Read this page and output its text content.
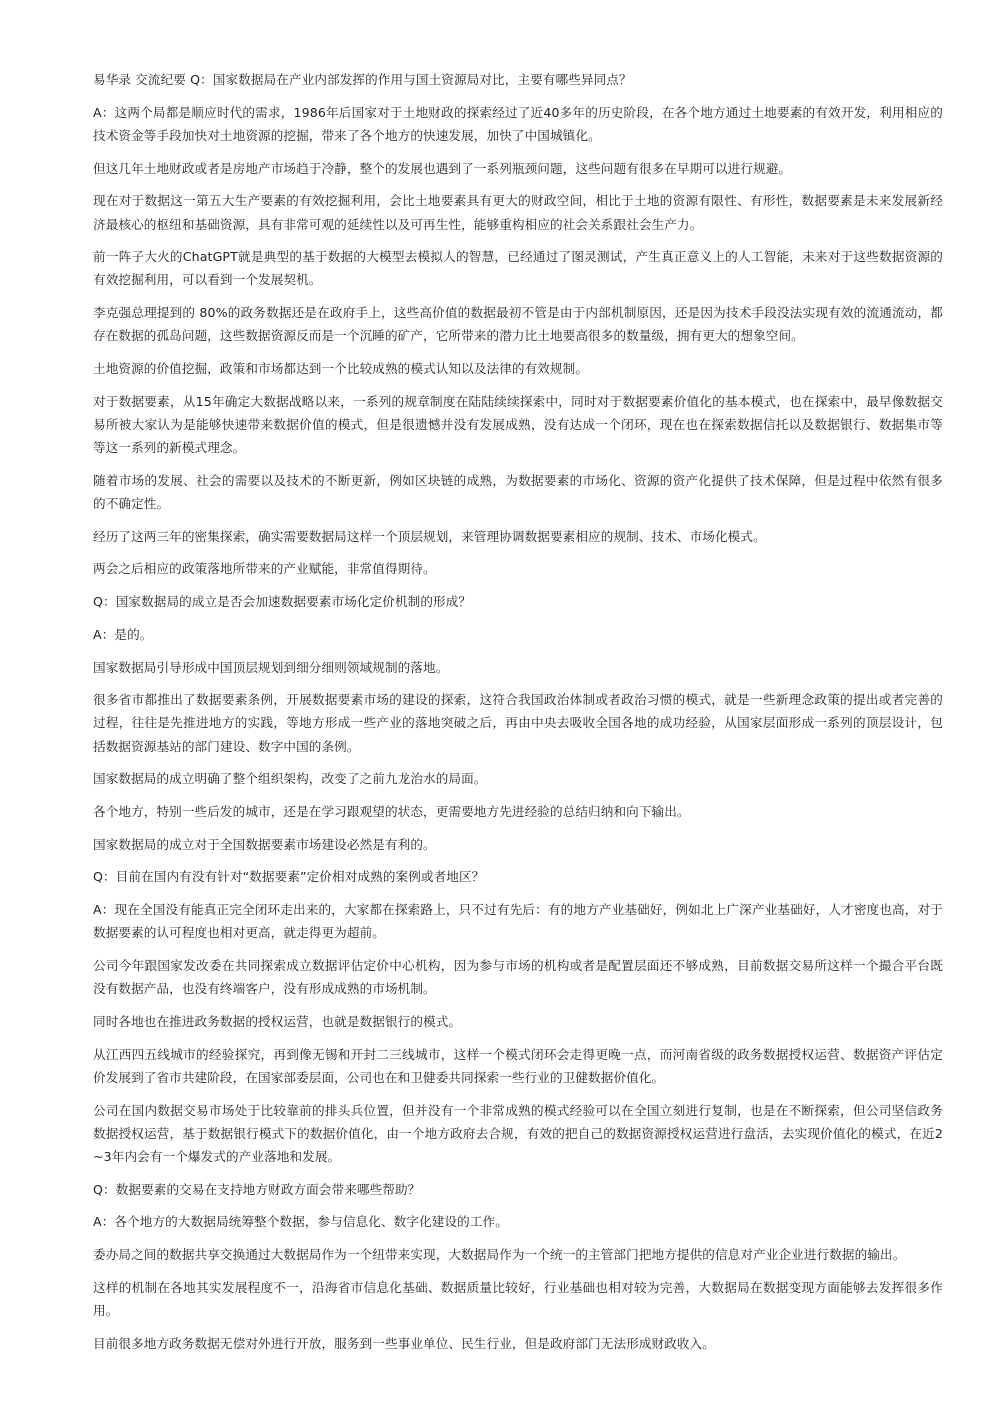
易华录 交流纪要 Q：国家数据局在产业内部发挥的作用与国土资源局对比，主要有哪些异同点？

A：这两个局都是顺应时代的需求，1986年后国家对于土地财政的探索经过了近40多年的历史阶段，在各个地方通过土地要素的有效开发，利用相应的技术资金等手段加快对土地资源的挖掘，带来了各个地方的快速发展，加快了中国城镇化。

但这几年土地财政或者是房地产市场趋于冷静，整个的发展也遇到了一系列瓶颈问题，这些问题有很多在早期可以进行规避。

现在对于数据这一第五大生产要素的有效挖掘利用，会比土地要素具有更大的财政空间，相比于土地的资源有限性、有形性，数据要素是未来发展新经济最核心的枢纽和基础资源，具有非常可观的延续性以及可再生性，能够重构相应的社会关系跟社会生产力。

前一阵子大火的ChatGPT就是典型的基于数据的大模型去模拟人的智慧，已经通过了图灵测试，产生真正意义上的人工智能，未来对于这些数据资源的有效挖掘利用，可以看到一个发展契机。

李克强总理提到的 80%的政务数据还是在政府手上，这些高价值的数据最初不管是由于内部机制原因，还是因为技术手段没法实现有效的流通流动，都存在数据的孤岛问题，这些数据资源反而是一个沉睡的矿产，它所带来的潜力比土地要高很多的数量级，拥有更大的想象空间。

土地资源的价值挖掘，政策和市场都达到一个比较成熟的模式认知以及法律的有效规制。

对于数据要素，从15年确定大数据战略以来，一系列的规章制度在陆陆续续探索中，同时对于数据要素价值化的基本模式，也在探索中，最早像数据交易所被大家认为是能够快速带来数据价值的模式，但是很遗憾并没有发展成熟，没有达成一个闭环，现在也在探索数据信托以及数据银行、数据集市等等这一系列的新模式理念。

随着市场的发展、社会的需要以及技术的不断更新，例如区块链的成熟，为数据要素的市场化、资源的资产化提供了技术保障，但是过程中依然有很多的不确定性。

经历了这两三年的密集探索，确实需要数据局这样一个顶层规划，来管理协调数据要素相应的规制、技术、市场化模式。

两会之后相应的政策落地所带来的产业赋能，非常值得期待。

Q：国家数据局的成立是否会加速数据要素市场化定价机制的形成？

A：是的。

国家数据局引导形成中国顶层规划到细分细则领域规制的落地。

很多省市都推出了数据要素条例，开展数据要素市场的建设的探索，这符合我国政治体制或者政治习惯的模式，就是一些新理念政策的提出或者完善的过程，往往是先推进地方的实践，等地方形成一些产业的落地突破之后，再由中央去吸收全国各地的成功经验，从国家层面形成一系列的顶层设计，包括数据资源基站的部门建设、数字中国的条例。

国家数据局的成立明确了整个组织架构，改变了之前九龙治水的局面。

各个地方，特别一些后发的城市，还是在学习跟观望的状态，更需要地方先进经验的总结归纳和向下输出。

国家数据局的成立对于全国数据要素市场建设必然是有利的。

Q：目前在国内有没有针对“数据要素”定价相对成熟的案例或者地区？

A：现在全国没有能真正完全闭环走出来的，大家都在探索路上，只不过有先后：有的地方产业基础好，例如北上广深产业基础好，人才密度也高，对于数据要素的认可程度也相对更高，就走得更为超前。

公司今年跟国家发改委在共同探索成立数据评估定价中心机构，因为参与市场的机构或者是配置层面还不够成熟，目前数据交易所这样一个撮合平台既没有数据产品，也没有终端客户，没有形成成熟的市场机制。

同时各地也在推进政务数据的授权运营，也就是数据银行的模式。

从江西四五线城市的经验探究，再到像无锡和开封二三线城市，这样一个模式闭环会走得更晚一点，而河南省级的政务数据授权运营、数据资产评估定价发展到了省市共建阶段，在国家部委层面，公司也在和卫健委共同探索一些行业的卫健数据价值化。

公司在国内数据交易市场处于比较靠前的排头兵位置，但并没有一个非常成熟的模式经验可以在全国立刻进行复制，也是在不断探索，但公司坚信政务数据授权运营，基于数据银行模式下的数据价值化，由一个地方政府去合规，有效的把自己的数据资源授权运营进行盘活，去实现价值化的模式，在近2~3年内会有一个爆发式的产业落地和发展。

Q：数据要素的交易在支持地方财政方面会带来哪些帮助？

A：各个地方的大数据局统筹整个数据，参与信息化、数字化建设的工作。

委办局之间的数据共享交换通过大数据局作为一个纽带来实现，大数据局作为一个统一的主管部门把地方提供的信息对产业企业进行数据的输出。

这样的机制在各地其实发展程度不一，沿海省市信息化基础、数据质量比较好，行业基础也相对较为完善，大数据局在数据变现方面能够去发挥很多作用。

目前很多地方政务数据无偿对外进行开放，服务到一些事业单位、民生行业，但是政府部门无法形成财政收入。
